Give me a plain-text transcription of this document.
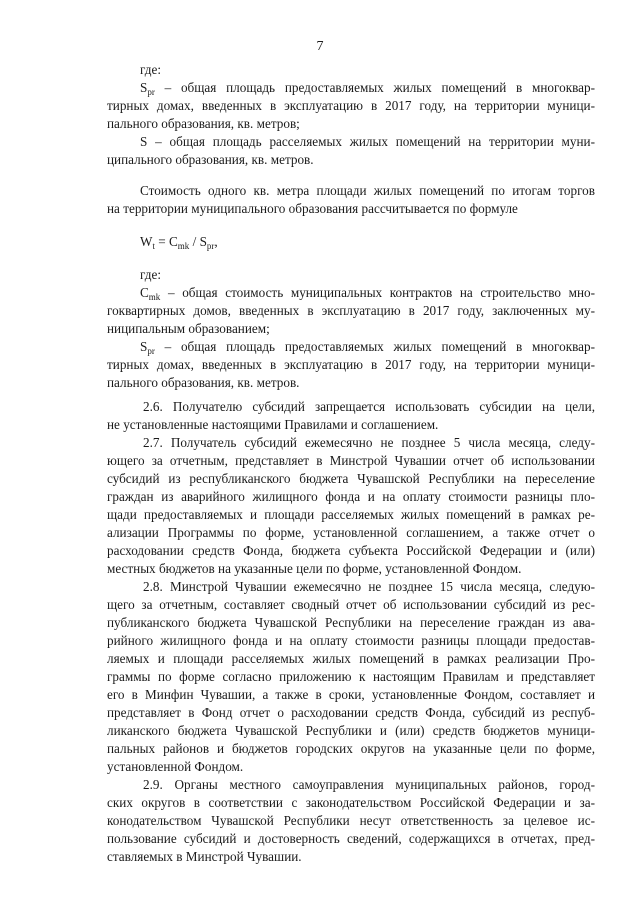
7
где:
$S_{pr}$ – общая площадь предоставляемых жилых помещений в многоквар-
тирных домах, введенных в эксплуатацию в 2017 году, на территории муници-
пального образования, кв. метров;
S – общая площадь расселяемых жилых помещений на территории муни-
ципального образования, кв. метров.
Стоимость одного кв. метра площади жилых помещений по итогам торгов
на территории муниципального образования рассчитывается по формуле
$W_t = C_{mk} / S_{pr}$,
где:
$C_{mk}$ – общая стоимость муниципальных контрактов на строительство мно-
гоквартирных домов, введенных в эксплуатацию в 2017 году, заключенных му-
ниципальным образованием;
$S_{pr}$ – общая площадь предоставляемых жилых помещений в многоквар-
тирных домах, введенных в эксплуатацию в 2017 году, на территории муници-
пального образования, кв. метров.
2.6. Получателю субсидий запрещается использовать субсидии на цели,
не установленные настоящими Правилами и соглашением.
2.7. Получатель субсидий ежемесячно не позднее 5 числа месяца, следу-
ющего за отчетным, представляет в Минстрой Чувашии отчет об использовании
субсидий из республиканского бюджета Чувашской Республики на переселение
граждан из аварийного жилищного фонда и на оплату стоимости разницы пло-
щади предоставляемых и площади расселяемых жилых помещений в рамках ре-
ализации Программы по форме, установленной соглашением, а также отчет о
расходовании средств Фонда, бюджета субъекта Российской Федерации и (или)
местных бюджетов на указанные цели по форме, установленной Фондом.
2.8. Минстрой Чувашии ежемесячно не позднее 15 числа месяца, следую-
щего за отчетным, составляет сводный отчет об использовании субсидий из рес-
публиканского бюджета Чувашской Республики на переселение граждан из ава-
рийного жилищного фонда и на оплату стоимости разницы площади предостав-
ляемых и площади расселяемых жилых помещений в рамках реализации Про-
граммы по форме согласно приложению к настоящим Правилам и представляет
его в Минфин Чувашии, а также в сроки, установленные Фондом, составляет и
представляет в Фонд отчет о расходовании средств Фонда, субсидий из респуб-
ликанского бюджета Чувашской Республики и (или) средств бюджетов муници-
пальных районов и бюджетов городских округов на указанные цели по форме,
установленной Фондом.
2.9. Органы местного самоуправления муниципальных районов, город-
ских округов в соответствии с законодательством Российской Федерации и за-
конодательством Чувашской Республики несут ответственность за целевое ис-
пользование субсидий и достоверность сведений, содержащихся в отчетах, пред-
ставляемых в Минстрой Чувашии.
